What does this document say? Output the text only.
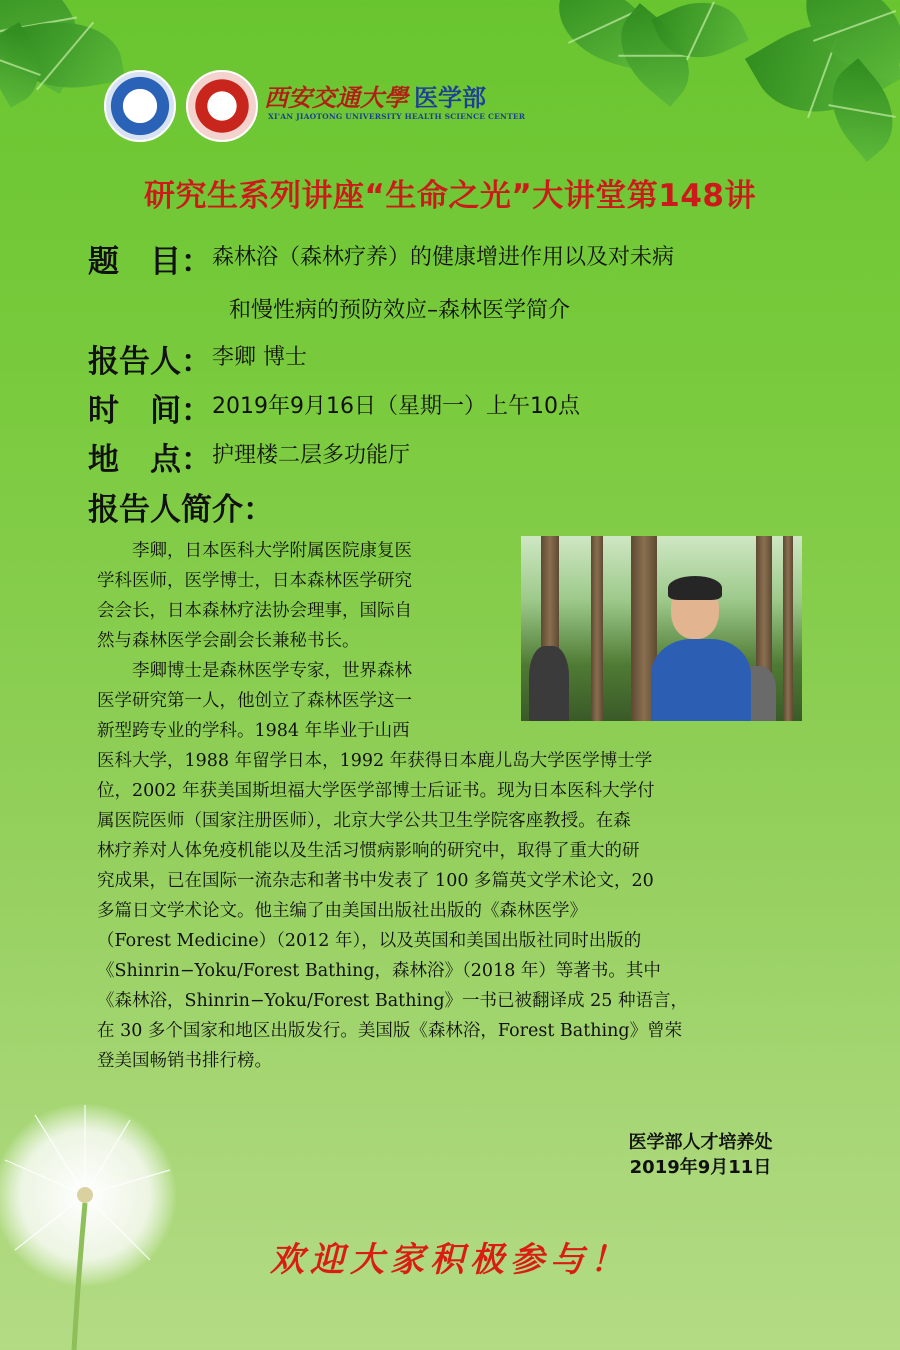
西安交通大學 医学部
XI'AN JIAOTONG UNIVERSITY HEALTH SCIENCE CENTER
研究生系列讲座“生命之光”大讲堂第148讲
题　目：森林浴（森林疗养）的健康增进作用以及对未病
和慢性病的预防效应–森林医学简介
报告人：李卿 博士
时　间：2019年9月16日（星期一）上午10点
地　点：护理楼二层多功能厅
报告人简介：
　　李卿，日本医科大学附属医院康复医
学科医师，医学博士，日本森林医学研究
会会长，日本森林疗法协会理事，国际自
然与森林医学会副会长兼秘书长。
　　李卿博士是森林医学专家，世界森林
医学研究第一人，他创立了森林医学这一
新型跨专业的学科。1984 年毕业于山西
医科大学，1988 年留学日本，1992 年获得日本鹿儿岛大学医学博士学
位，2002 年获美国斯坦福大学医学部博士后证书。现为日本医科大学付
属医院医师（国家注册医师），北京大学公共卫生学院客座教授。在森
林疗养对人体免疫机能以及生活习惯病影响的研究中，取得了重大的研
究成果，已在国际一流杂志和著书中发表了 100 多篇英文学术论文，20
多篇日文学术论文。他主编了由美国出版社出版的《森林医学》
（Forest Medicine）（2012 年），以及英国和美国出版社同时出版的
《Shinrin−Yoku/Forest Bathing，森林浴》（2018 年）等著书。其中
《森林浴，Shinrin−Yoku/Forest Bathing》一书已被翻译成 25 种语言，
在 30 多个国家和地区出版发行。美国版《森林浴，Forest Bathing》曾荣
登美国畅销书排行榜。
医学部人才培养处
2019年9月11日
欢迎大家积极参与！
